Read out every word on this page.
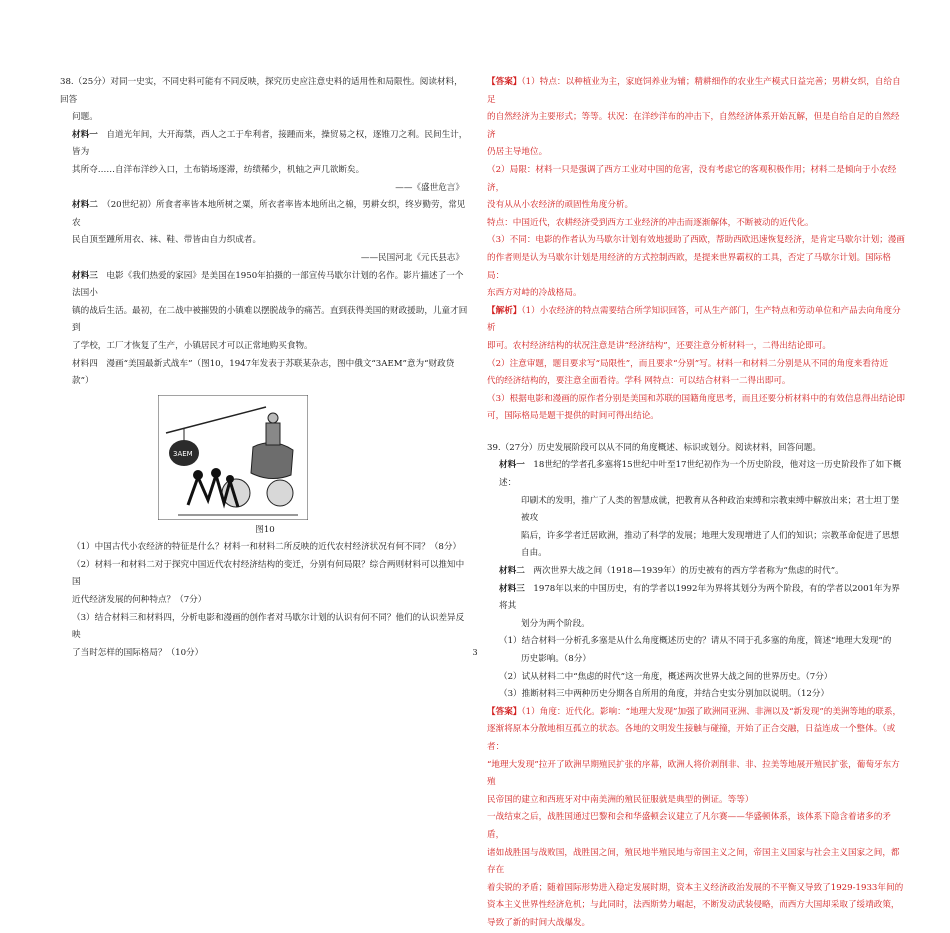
38.（25分）对同一史实，不同史料可能有不同反映，探究历史应注意史料的适用性和局限性。阅读材料，回答

问题。

材料一　 自道光年间，大开海禁，西人之工于牟利者，接踵而来，操贸易之权，逐锥刀之利。民间生计，皆为

其所夺……自洋布洋纱入口，土布销场逐滞，纺绩稀少，机轴之声几欲断矣。

——《盛世危言》

材料二　 （20世纪初）所食者率皆本地所树之粟，所衣者率皆本地所出之棉，男耕女织，终岁勤劳，常见农

民自顶至踵所用衣、袜、鞋、带皆由自力织成者。

——民国河北《元氏县志》

材料三　 电影《我们热爱的家园》是美国在1950年拍摄的一部宣传马歇尔计划的名作。影片描述了一个法国小

镇的战后生活。最初，在二战中被摧毁的小镇难以摆脱战争的痛苦。直到获得美国的财政援助，儿童才回到

了学校，工厂才恢复了生产，小镇居民才可以正常地购买食物。

材料四　漫画“美国最新式战车”（图10，1947年发表于苏联某杂志，图中俄文“3AEM”意为“财政贷

款”）

3AEM

图10

（1）中国古代小农经济的特征是什么？材料一和材料二所反映的近代农村经济状况有何不同？（8分）

（2）材料一和材料二对于探究中国近代农村经济结构的变迁，分别有何局限？综合两则材料可以推知中国

近代经济发展的何种特点？（7分）

（3）结合材料三和材料四，分析电影和漫画的创作者对马歇尔计划的认识有何不同？他们的认识差异反映

了当时怎样的国际格局？（10分）

【答案】（1）特点：以种植业为主，家庭饲养业为辅；精耕细作的农业生产模式日益完善；男耕女织，自给自足

的自然经济为主要形式；等等。状况：在洋纱洋布的冲击下，自然经济体系开始瓦解，但是自给自足的自然经济

仍居主导地位。

（2）局限：材料一只是强调了西方工业对中国的危害，没有考虑它的客观积极作用；材料二是倾向于小农经济，

没有从从小农经济的顽固性角度分析。

特点：中国近代，农耕经济受到西方工业经济的冲击而逐渐解体，不断被动的近代化。

（3）不同：电影的作者认为马歇尔计划有效地援助了西欧，帮助西欧迅速恢复经济，是肯定马歇尔计划；漫画

的作者则是认为马歇尔计划是用经济的方式控制西欧，是提来世界霸权的工具，否定了马歇尔计划。国际格局：

东西方对峙的冷战格局。

【解析】（1）小农经济的特点需要结合所学知识回答，可从生产部门，生产特点和劳动单位和产品去向角度分析

即可。农村经济结构的状况注意是讲“经济结构”，还要注意分析材料一，二得出结论即可。

（2）注意审题，题目要求写“局限性”，而且要求“分别”写。材料一和材料二分别是从不同的角度来看待近

代的经济结构的，要注意全面看待。学科 网特点：可以结合材料一二得出即可。

（3）根据电影和漫画的原作者分别是美国和苏联的国籍角度思考，而且还要分析材料中的有效信息得出结论即

可，国际格局是题干提供的时间可得出结论。

39.（27分）历史发展阶段可以从不同的角度概述、标识或划分。阅读材料，回答问题。

材料一　 18世纪的学者孔多塞将15世纪中叶至17世纪初作为一个历史阶段，他对这一历史阶段作了如下概述：

印刷术的发明，推广了人类的智慧成就，把教育从各种政治束缚和宗教束缚中解放出来；君士坦丁堡被攻

陷后，许多学者迁居欧洲，推动了科学的发展；地理大发现增进了人们的知识；宗教革命促进了思想自由。

材料二　 两次世界大战之间（1918—1939年）的历史被有的西方学者称为“焦虑的时代”。

材料三　 1978年以来的中国历史，有的学者以1992年为界将其划分为两个阶段，有的学者以2001年为界将其

划分为两个阶段。

（1）结合材料一分析孔多塞是从什么角度概述历史的？请从不同于孔多塞的角度，简述“地理大发现”的

历史影响。（8分）

（2）试从材料二中“焦虑的时代”这一角度，概述两次世界大战之间的世界历史。（7分）

（3）推断材料三中两种历史分期各自所用的角度，并结合史实分别加以说明。（12分）

【答案】（1）角度：近代化。影响：“地理大发现”加强了欧洲同亚洲、非洲以及“新发现”的美洲等地的联系，

逐渐将原本分散地相互孤立的状态。各地的文明发生接触与碰撞，开始了正合交融，日益连成一个整体。（或者：

“地理大发现”拉开了欧洲早期殖民扩张的序幕，欧洲人将价剥削非、非、拉美等地展开殖民扩张，葡萄牙东方殖

民帝国的建立和西班牙对中南美洲的殖民征服就是典型的例证。等等）

一战结束之后，战胜国通过巴黎和会和华盛顿会议建立了凡尔赛——华盛顿体系，该体系下隐含着诸多的矛盾，

诸如战胜国与战败国，战胜国之间，殖民地半殖民地与帝国主义之间，帝国主义国家与社会主义国家之间，都存在

着尖锐的矛盾；随着国际形势进入稳定发展时期，资本主义经济政治发展的不平衡又导致了1929-1933年间的

资本主义世界性经济危机；与此同时，法西斯势力崛起，不断发动武装侵略，而西方大国却采取了绥靖政策，

导致了新的时间大战爆发。

3
